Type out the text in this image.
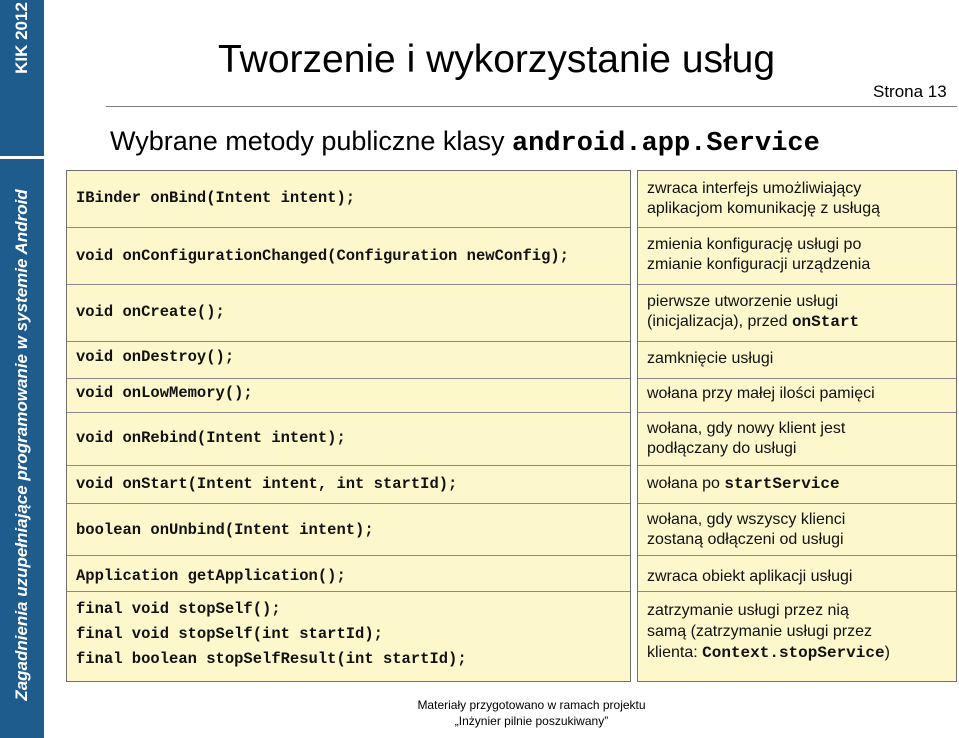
KIK 2012
Zagadnienia uzupełniające programowanie w systemie Android
Tworzenie i wykorzystanie usług
Strona 13
Wybrane metody publiczne klasy android.app.Service
IBinder onBind(Intent intent);
void onConfigurationChanged(Configuration newConfig);
void onCreate();
void onDestroy();
void onLowMemory();
void onRebind(Intent intent);
void onStart(Intent intent, int startId);
boolean onUnbind(Intent intent);
Application getApplication();
final void stopSelf();
final void stopSelf(int startId);
final boolean stopSelfResult(int startId);
zwraca interfejs umożliwiający
aplikacjom komunikację z usługą
zmienia konfigurację usługi po
zmianie konfiguracji urządzenia
pierwsze utworzenie usługi
(inicjalizacja), przed onStart
zamknięcie usługi
wołana przy małej ilości pamięci
wołana, gdy nowy klient jest
podłączany do usługi
wołana po startService
wołana, gdy wszyscy klienci
zostaną odłączeni od usługi
zwraca obiekt aplikacji usługi
zatrzymanie usługi przez nią
samą (zatrzymanie usługi przez
klienta: Context.stopService)
Materiały przygotowano w ramach projektu
„Inżynier pilnie poszukiwany”
